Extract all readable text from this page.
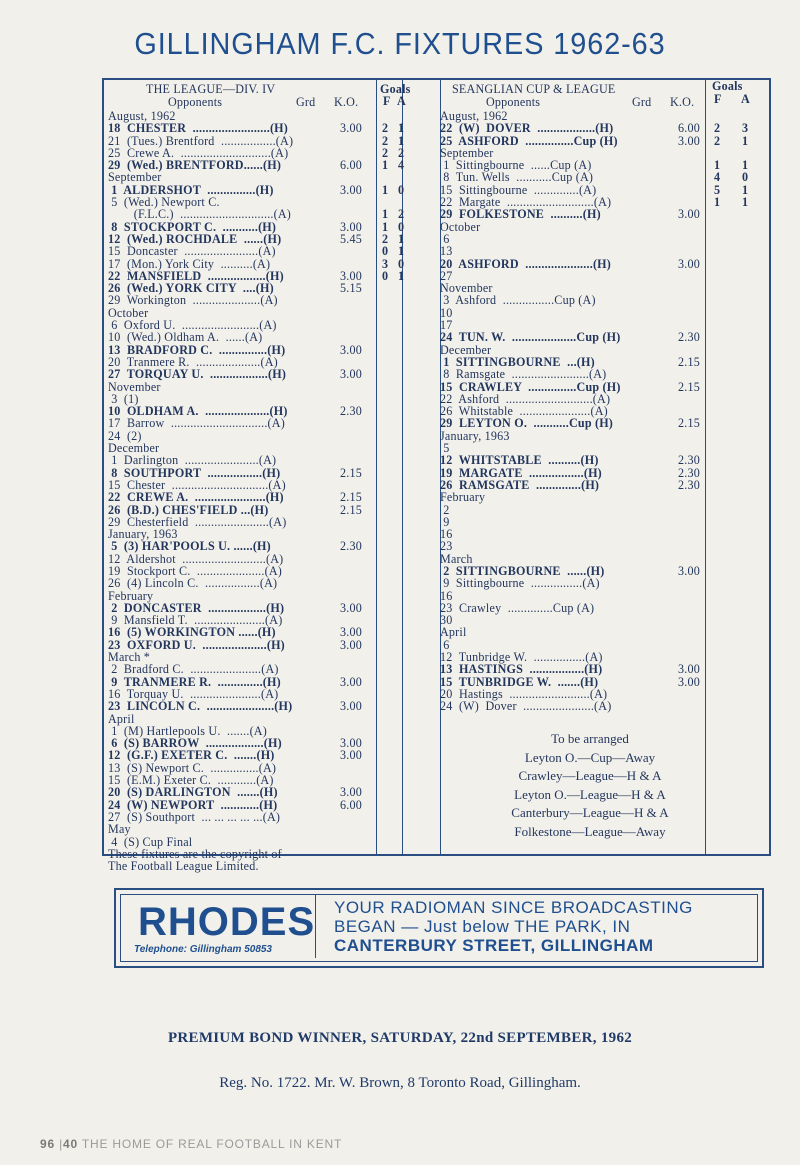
GILLINGHAM F.C. FIXTURES 1962-63
THE LEAGUE—DIV. IV	Goals
Opponents	Grd K.O. F A
August, 1962
18  CHESTER  ........................(H)	3.00 2 1
21  (Tues.) Brentford  .................(A)	2 1
25  Crewe A.  ............................(A)	2 2
29  (Wed.) BRENTFORD......(H)	6.00 1 4
September
1  ALDERSHOT  ...............(H)	3.00 1 0
5  (Wed.) Newport C.
(F.L.C.)  .............................(A)	1 2
8  STOCKPORT C.  ...........(H)	3.00 1 0
12  (Wed.) ROCHDALE  ......(H)	5.45 2 1
15  Doncaster  .......................(A)	0 1
17  (Mon.) York City  ..........(A)	3 0
22  MANSFIELD  ..................(H)	3.00 0 1
26  (Wed.) YORK CITY  ....(H)	5.15
29  Workington  .....................(A)
October
6  Oxford U.  ........................(A)
10  (Wed.) Oldham A.  ......(A)
13  BRADFORD C.  ...............(H)	3.00
20  Tranmere R.  ....................(A)
27  TORQUAY U.  ..................(H)	3.00
November
3  (1)
10  OLDHAM A.  ....................(H)	2.30
17  Barrow  ..............................(A)
24  (2)
December
1  Darlington  .......................(A)
8  SOUTHPORT  .................(H)	2.15
15  Chester  ..............................(A)
22  CREWE A.  ......................(H)	2.15
26  (B.D.) CHES'FIELD ...(H)	2.15
29  Chesterfield  .......................(A)
January, 1963
5  (3) HAR'POOLS U. ......(H)	2.30
12  Aldershot  ..........................(A)
19  Stockport C.  .....................(A)
26  (4) Lincoln C.  .................(A)
February
2  DONCASTER  ..................(H)	3.00
9  Mansfield T.  ......................(A)
16  (5) WORKINGTON ......(H)	3.00
23  OXFORD U.  ....................(H)	3.00
March *
2  Bradford C.  ......................(A)
9  TRANMERE R.  ..............(H)	3.00
16  Torquay U.  ......................(A)
23  LINCOLN C.  .....................(H)	3.00
April
1  (M) Hartlepools U.  .......(A)
6  (S) BARROW  ..................(H)	3.00
12  (G.F.) EXETER C.  .......(H)	3.00
13  (S) Newport C.  ...............(A)
15  (E.M.) Exeter C.  ............(A)
20  (S) DARLINGTON  .......(H)	3.00
24  (W) NEWPORT  ............(H)	6.00
27  (S) Southport  ... ... ... ... ...(A)
May
4  (S) Cup Final
These fixtures are the copyright of
The Football League Limited.
SEANGLIAN CUP & LEAGUE	Goals
Opponents	Grd K.O. F A
August, 1962
22  (W)  DOVER  ..................(H)	6.00 2 3
25  ASHFORD  ...............Cup (H)	3.00 2 1
September
1  Sittingbourne  ......Cup (A)	1 1
8  Tun. Wells  ...........Cup (A)	4 0
15  Sittingbourne  ..............(A)	5 1
22  Margate  ...........................(A)	1 1
29  FOLKESTONE  ..........(H)	3.00
October
6
13
20  ASHFORD  .....................(H)	3.00
27
November
3  Ashford  ................Cup (A)
10
17
24  TUN. W.  ....................Cup (H)	2.30
December
1  SITTINGBOURNE  ...(H)	2.15
8  Ramsgate  ........................(A)
15  CRAWLEY  ...............Cup (H)	2.15
22  Ashford  ...........................(A)
26  Whitstable  ......................(A)
29  LEYTON O.  ...........Cup (H)	2.15
January, 1963
5
12  WHITSTABLE  ..........(H)	2.30
19  MARGATE  .................(H)	2.30
26  RAMSGATE  ..............(H)	2.30
February
2
9
16
23
March
2  SITTINGBOURNE  ......(H)	3.00
9  Sittingbourne  ................(A)
16
23  Crawley  ..............Cup (A)
30
April
6
12  Tunbridge W.  ................(A)
13  HASTINGS  .................(H)	3.00
15  TUNBRIDGE W.  .......(H)	3.00
20  Hastings  .........................(A)
24  (W)  Dover  ......................(A)
To be arranged
Leyton O.—Cup—Away
Crawley—League—H & A
Leyton O.—League—H & A
Canterbury—League—H & A
Folkestone—League—Away
RHODES
Telephone: Gillingham 50853
YOUR RADIOMAN SINCE BROADCASTING
BEGAN — Just below THE PARK, IN
CANTERBURY STREET, GILLINGHAM
PREMIUM BOND WINNER, SATURDAY, 22nd SEPTEMBER, 1962
Reg. No. 1722. Mr. W. Brown, 8 Toronto Road, Gillingham.
96 |40 THE HOME OF REAL FOOTBALL IN KENT
